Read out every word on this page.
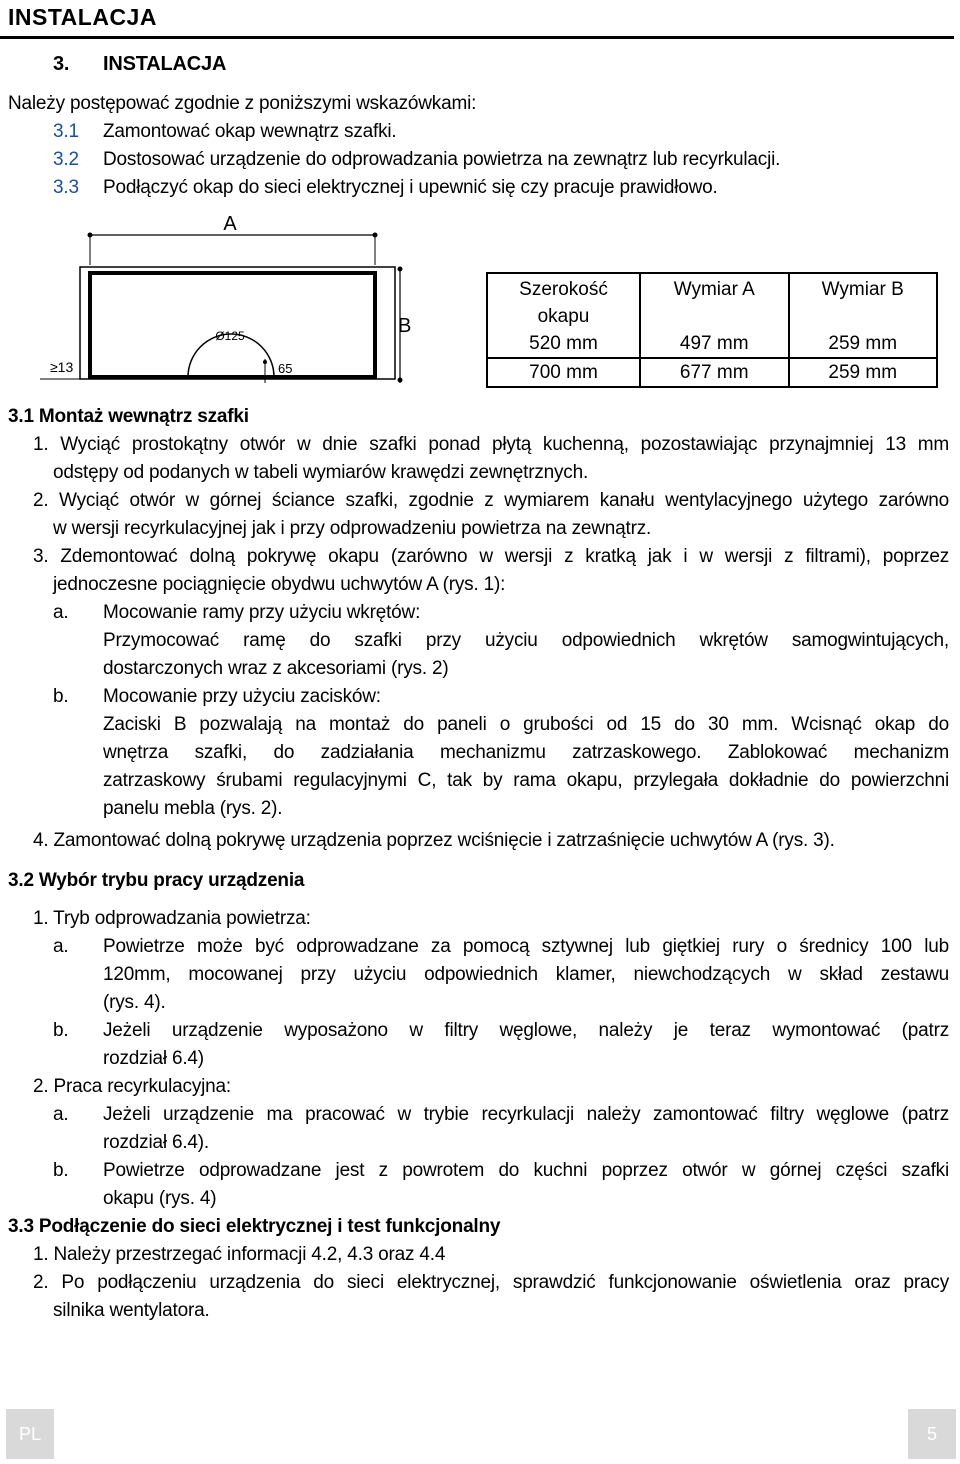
INSTALACJA
3. INSTALACJA
Należy postępować zgodnie z poniższymi wskazówkami:
3.1 Zamontować okap wewnątrz szafki.
3.2 Dostosować urządzenie do odprowadzania powietrza na zewnątrz lub recyrkulacji.
3.3 Podłączyć okap do sieci elektrycznej i upewnić się czy pracuje prawidłowo.
A
B
Ø125
65
≥13
Szerokość
okapu	Wymiar A	Wymiar B
520 mm	497 mm	259 mm
700 mm	677 mm	259 mm
3.1 Montaż wewnątrz szafki
1. Wyciąć prostokątny otwór w dnie szafki ponad płytą kuchenną, pozostawiając przynajmniej 13 mm
odstępy od podanych w tabeli wymiarów krawędzi zewnętrznych.
2. Wyciąć otwór w górnej ściance szafki, zgodnie z wymiarem kanału wentylacyjnego użytego zarówno
w wersji recyrkulacyjnej jak i przy odprowadzeniu powietrza na zewnątrz.
3. Zdemontować dolną pokrywę okapu (zarówno w wersji z kratką jak i w wersji z filtrami), poprzez
jednoczesne pociągnięcie obydwu uchwytów A (rys. 1):
a. Mocowanie ramy przy użyciu wkrętów:
Przymocować ramę do szafki przy użyciu odpowiednich wkrętów samogwintujących,
dostarczonych wraz z akcesoriami (rys. 2)
b. Mocowanie przy użyciu zacisków:
Zaciski B pozwalają na montaż do paneli o grubości od 15 do 30 mm. Wcisnąć okap do
wnętrza szafki, do zadziałania mechanizmu zatrzaskowego. Zablokować mechanizm
zatrzaskowy śrubami regulacyjnymi C, tak by rama okapu, przylegała dokładnie do powierzchni
panelu mebla (rys. 2).
4. Zamontować dolną pokrywę urządzenia poprzez wciśnięcie i zatrzaśnięcie uchwytów A (rys. 3).
3.2 Wybór trybu pracy urządzenia
1. Tryb odprowadzania powietrza:
a. Powietrze może być odprowadzane za pomocą sztywnej lub giętkiej rury o średnicy 100 lub
120mm, mocowanej przy użyciu odpowiednich klamer, niewchodzących w skład zestawu
(rys. 4).
b. Jeżeli urządzenie wyposażono w filtry węglowe, należy je teraz wymontować (patrz
rozdział 6.4)
2. Praca recyrkulacyjna:
a. Jeżeli urządzenie ma pracować w trybie recyrkulacji należy zamontować filtry węglowe (patrz
rozdział 6.4).
b. Powietrze odprowadzane jest z powrotem do kuchni poprzez otwór w górnej części szafki
okapu (rys. 4)
3.3 Podłączenie do sieci elektrycznej i test funkcjonalny
1. Należy przestrzegać informacji 4.2, 4.3 oraz 4.4
2. Po podłączeniu urządzenia do sieci elektrycznej, sprawdzić funkcjonowanie oświetlenia oraz pracy
silnika wentylatora.
PL	5
